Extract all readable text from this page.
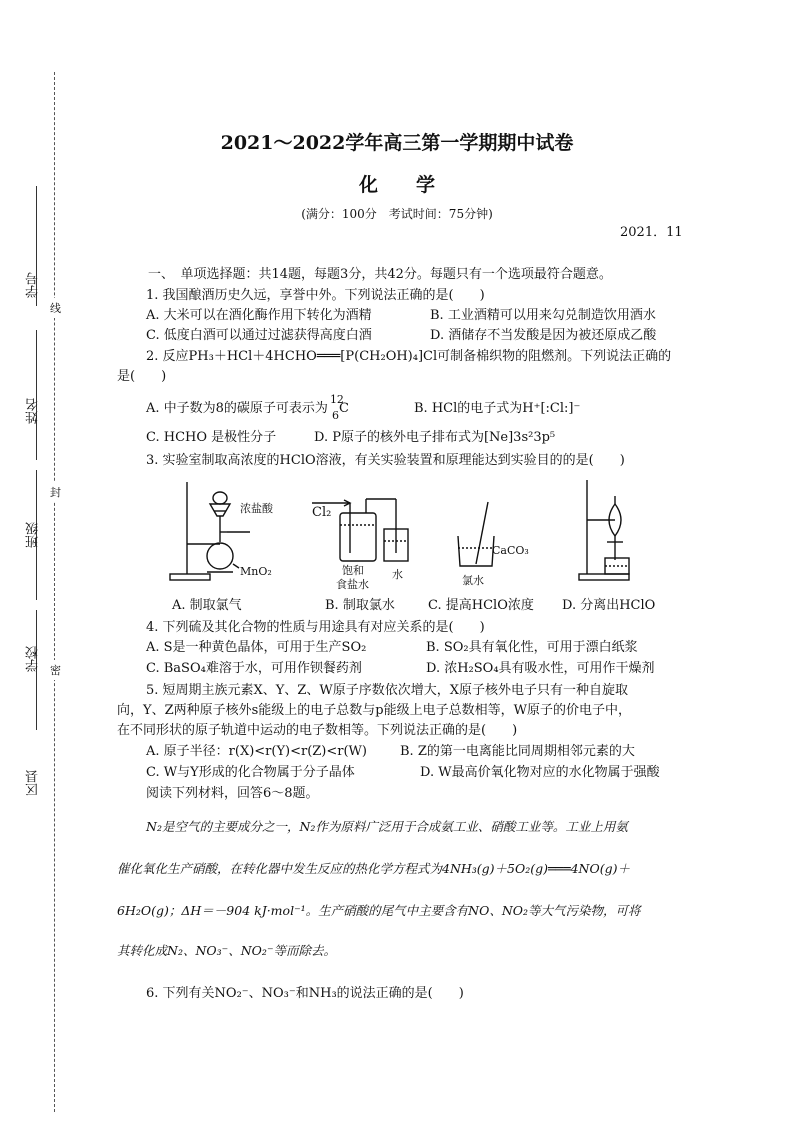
学号
姓名
班级
学校
区县
线
封
密
2021～2022学年高三第一学期期中试卷
化　　学
(满分：100分　考试时间：75分钟)
2021．11
一、　单项选择题：共14题，每题3分，共42分。每题只有一个选项最符合题意。
1. 我国酿酒历史久远，享誉中外。下列说法正确的是(　　)
A. 大米可以在酒化酶作用下转化为酒精	B. 工业酒精可以用来勾兑制造饮用酒水
C. 低度白酒可以通过过滤获得高度白酒	D. 酒储存不当发酸是因为被还原成乙酸
2. 反应PH₃＋HCl＋4HCHO═══[P(CH₂OH)₄]Cl可制备棉织物的阻燃剂。下列说法正确的
是(　　)
A. 中子数为8的碳原子可表示为
12
6 C	B. HCl的电子式为H⁺[:Cl:]⁻
C. HCHO 是极性分子	D. P原子的核外电子排布式为[Ne]3s²3p⁵
3. 实验室制取高浓度的HClO溶液，有关实验装置和原理能达到实验目的的是(　　)
浓盐酸
MnO₂
Cl₂
饱和
食盐水
水
CaCO₃
氯水
A. 制取氯气	B. 制取氯水	C. 提高HClO浓度 D. 分离出HClO
4. 下列硫及其化合物的性质与用途具有对应关系的是(　　)
A. S是一种黄色晶体，可用于生产SO₂	B. SO₂具有氧化性，可用于漂白纸浆
C. BaSO₄难溶于水，可用作钡餐药剂	D. 浓H₂SO₄具有吸水性，可用作干燥剂
5. 短周期主族元素X、Y、Z、W原子序数依次增大，X原子核外电子只有一种自旋取
向，Y、Z两种原子核外s能级上的电子总数与p能级上电子总数相等，W原子的价电子中，
在不同形状的原子轨道中运动的电子数相等。下列说法正确的是(　　)
A. 原子半径：r(X)<r(Y)<r(Z)<r(W)	B. Z的第一电离能比同周期相邻元素的大
C. W与Y形成的化合物属于分子晶体	D. W最高价氧化物对应的水化物属于强酸
阅读下列材料，回答6～8题。
N₂是空气的主要成分之一，N₂作为原料广泛用于合成氨工业、硝酸工业等。工业上用氨
催化氧化生产硝酸，在转化器中发生反应的热化学方程式为4NH₃(g)＋5O₂(g)═══4NO(g)＋
6H₂O(g)；ΔH＝－904 kJ·mol⁻¹。生产硝酸的尾气中主要含有NO、NO₂等大气污染物，可将
其转化成N₂、NO₃⁻、NO₂⁻等而除去。
6. 下列有关NO₂⁻、NO₃⁻和NH₃的说法正确的是(　　)
